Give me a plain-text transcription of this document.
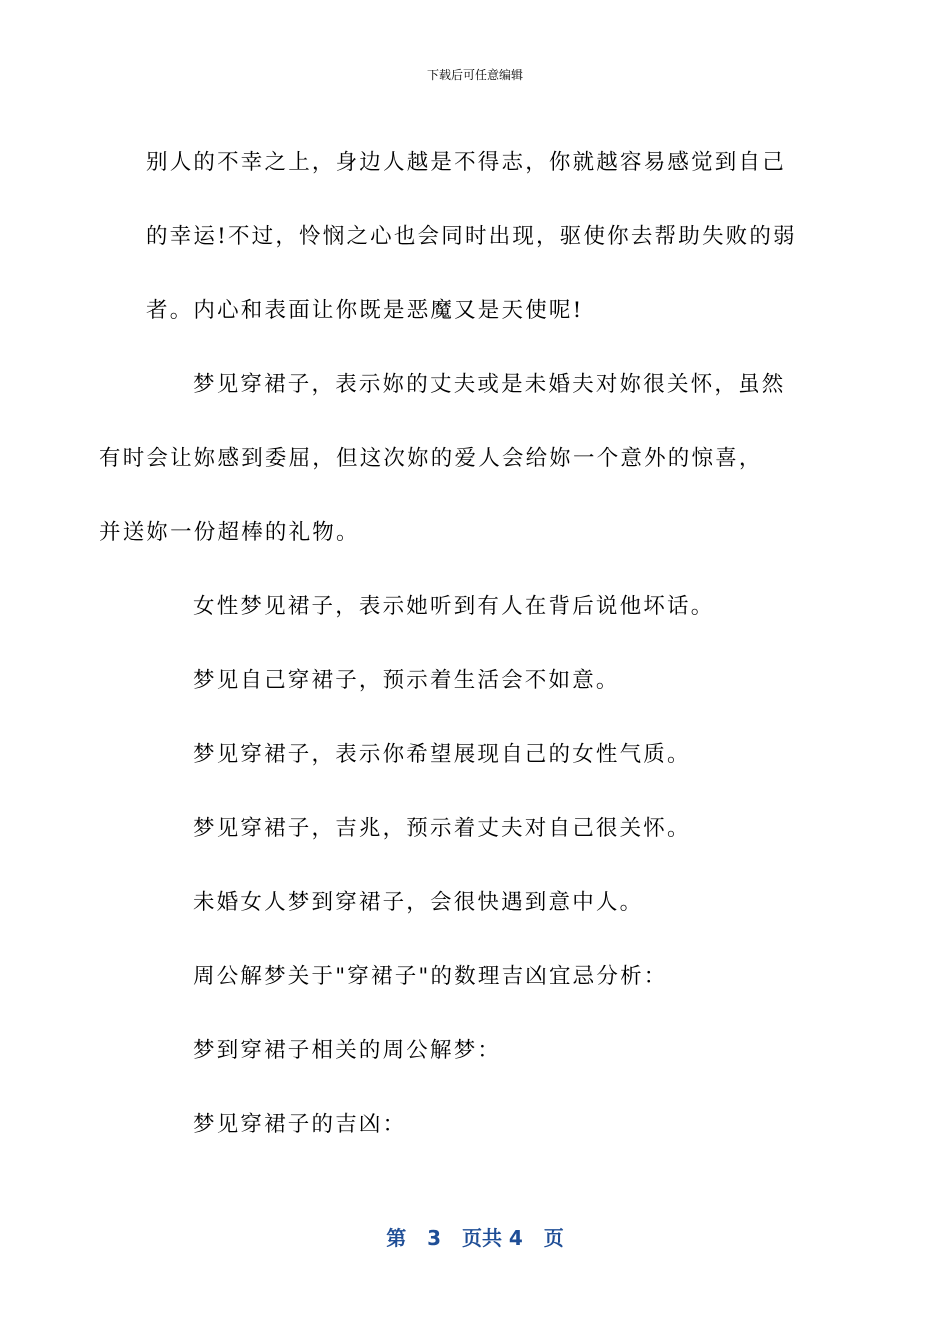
下载后可任意编辑

别人的不幸之上，身边人越是不得志，你就越容易感觉到自己
的幸运!不过，怜悯之心也会同时出现，驱使你去帮助失败的弱
者。内心和表面让你既是恶魔又是天使呢!

梦见穿裙子，表示妳的丈夫或是未婚夫对妳很关怀，虽然
有时会让妳感到委屈，但这次妳的爱人会给妳一个意外的惊喜，
并送妳一份超棒的礼物。

女性梦见裙子，表示她听到有人在背后说他坏话。

梦见自己穿裙子，预示着生活会不如意。

梦见穿裙子，表示你希望展现自己的女性气质。

梦见穿裙子，吉兆，预示着丈夫对自己很关怀。

未婚女人梦到穿裙子，会很快遇到意中人。

周公解梦关于"穿裙子"的数理吉凶宜忌分析：

梦到穿裙子相关的周公解梦：

梦见穿裙子的吉凶：

第 3 页共 4 页
